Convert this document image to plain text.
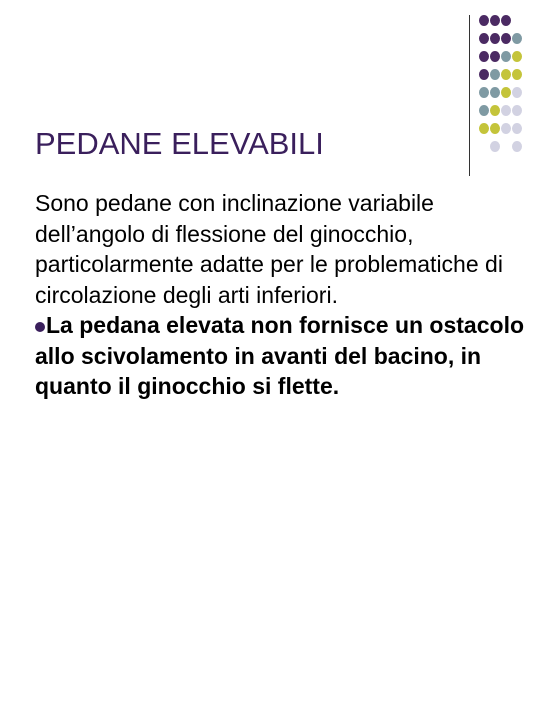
PEDANE ELEVABILI
Sono pedane con inclinazione variabile dell’angolo di flessione del ginocchio, particolarmente adatte per le problematiche di circolazione degli arti inferiori.
La pedana elevata non fornisce un ostacolo allo scivolamento in avanti del bacino, in quanto il ginocchio si flette.
